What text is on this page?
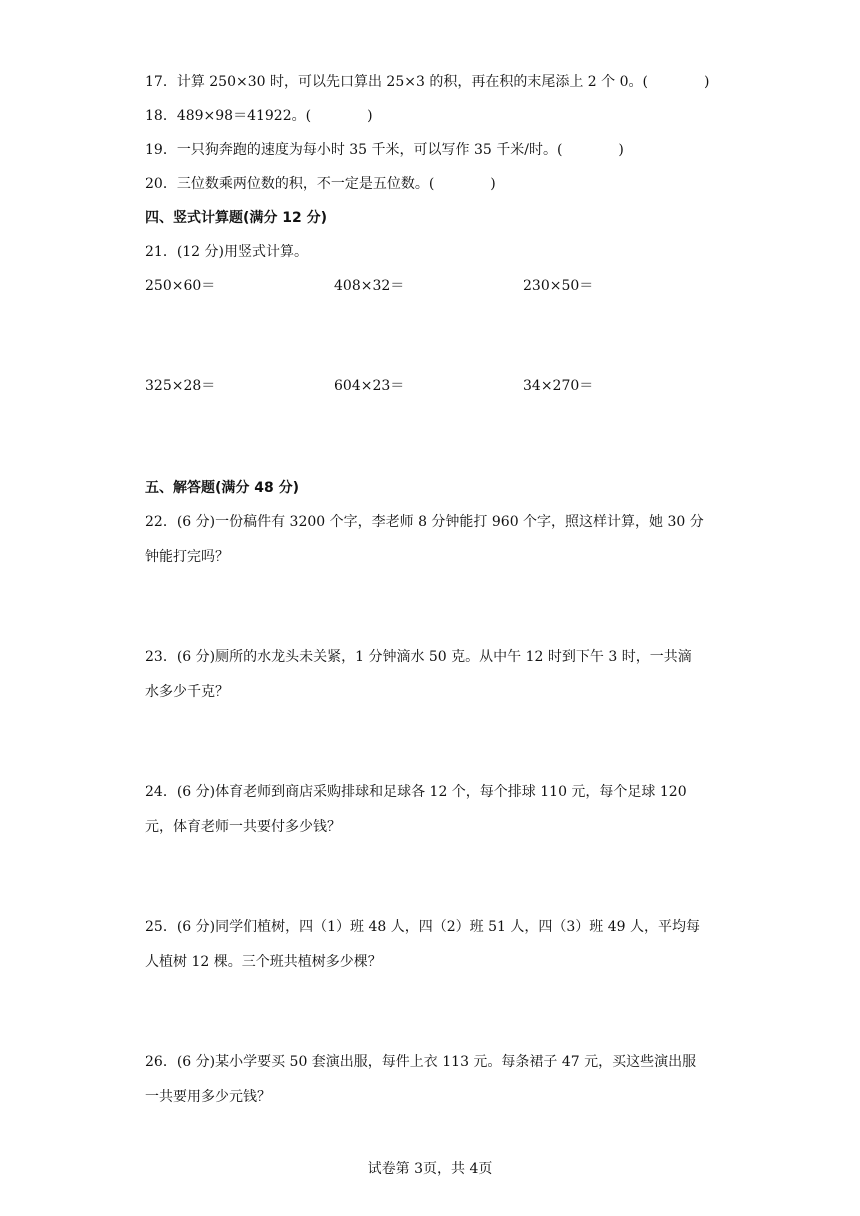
17．计算 250×30 时，可以先口算出 25×3 的积，再在积的末尾添上 2 个 0。(　　　　)
18．489×98＝41922。(　　　　)
19．一只狗奔跑的速度为每小时 35 千米，可以写作 35 千米/时。(　　　　)
20．三位数乘两位数的积，不一定是五位数。(　　　　)
四、竖式计算题(满分 12 分)
21．(12 分)用竖式计算。
250×60＝	408×32＝	230×50＝
325×28＝	604×23＝	34×270＝
五、解答题(满分 48 分)
22．(6 分)一份稿件有 3200 个字，李老师 8 分钟能打 960 个字，照这样计算，她 30 分
钟能打完吗？
23．(6 分)厕所的水龙头未关紧，1 分钟滴水 50 克。从中午 12 时到下午 3 时，一共滴
水多少千克？
24．(6 分)体育老师到商店采购排球和足球各 12 个，每个排球 110 元，每个足球 120
元，体育老师一共要付多少钱？
25．(6 分)同学们植树，四（1）班 48 人，四（2）班 51 人，四（3）班 49 人，平均每
人植树 12 棵。三个班共植树多少棵？
26．(6 分)某小学要买 50 套演出服，每件上衣 113 元。每条裙子 47 元，买这些演出服
一共要用多少元钱？
试卷第 3页，共 4页
